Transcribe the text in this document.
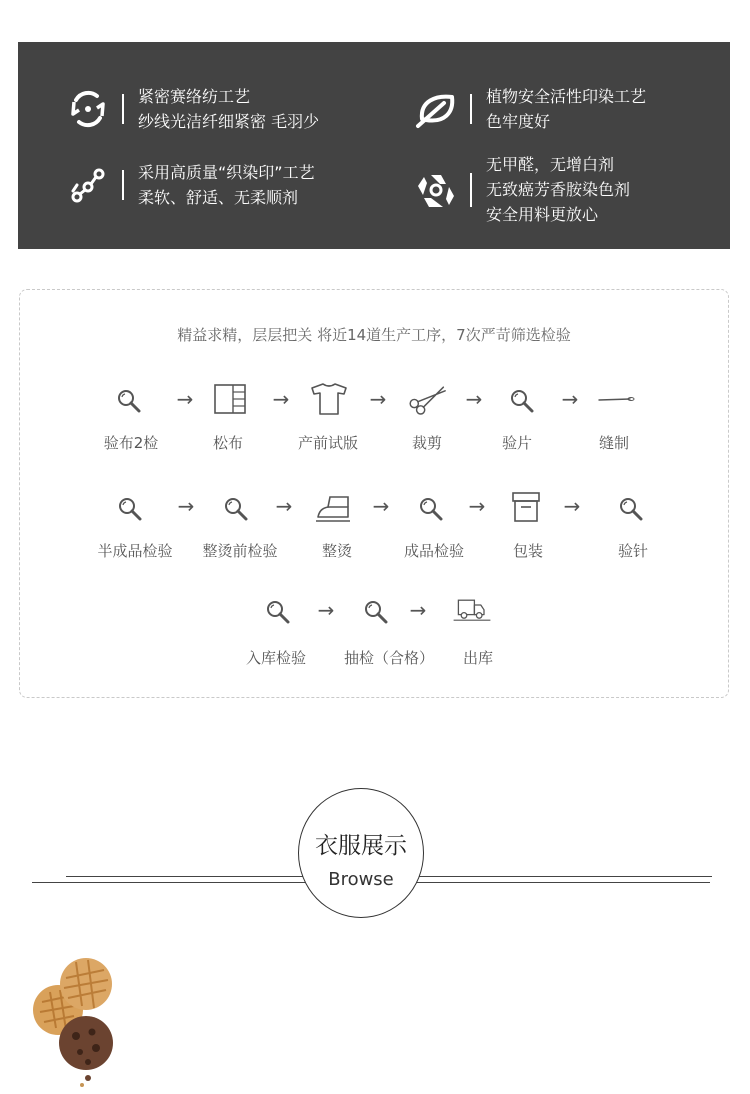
紧密赛络纺工艺
纱线光洁纤细紧密 毛羽少
植物安全活性印染工艺
色牢度好
采用高质量“织染印”工艺
柔软、舒适、无柔顺剂
无甲醛，无增白剂
无致癌芳香胺染色剂
安全用料更放心
精益求精，层层把关 将近14道生产工序，7次严苛筛选检验
→	→	→	→	→
验布2检	松布	产前试版	裁剪	验片	缝制
→	→	→	→	→
半成品检验	整烫前检验	整烫	成品检验	包装	验针
→	→
入库检验	抽检（合格）	出库
衣服展示
Browse
